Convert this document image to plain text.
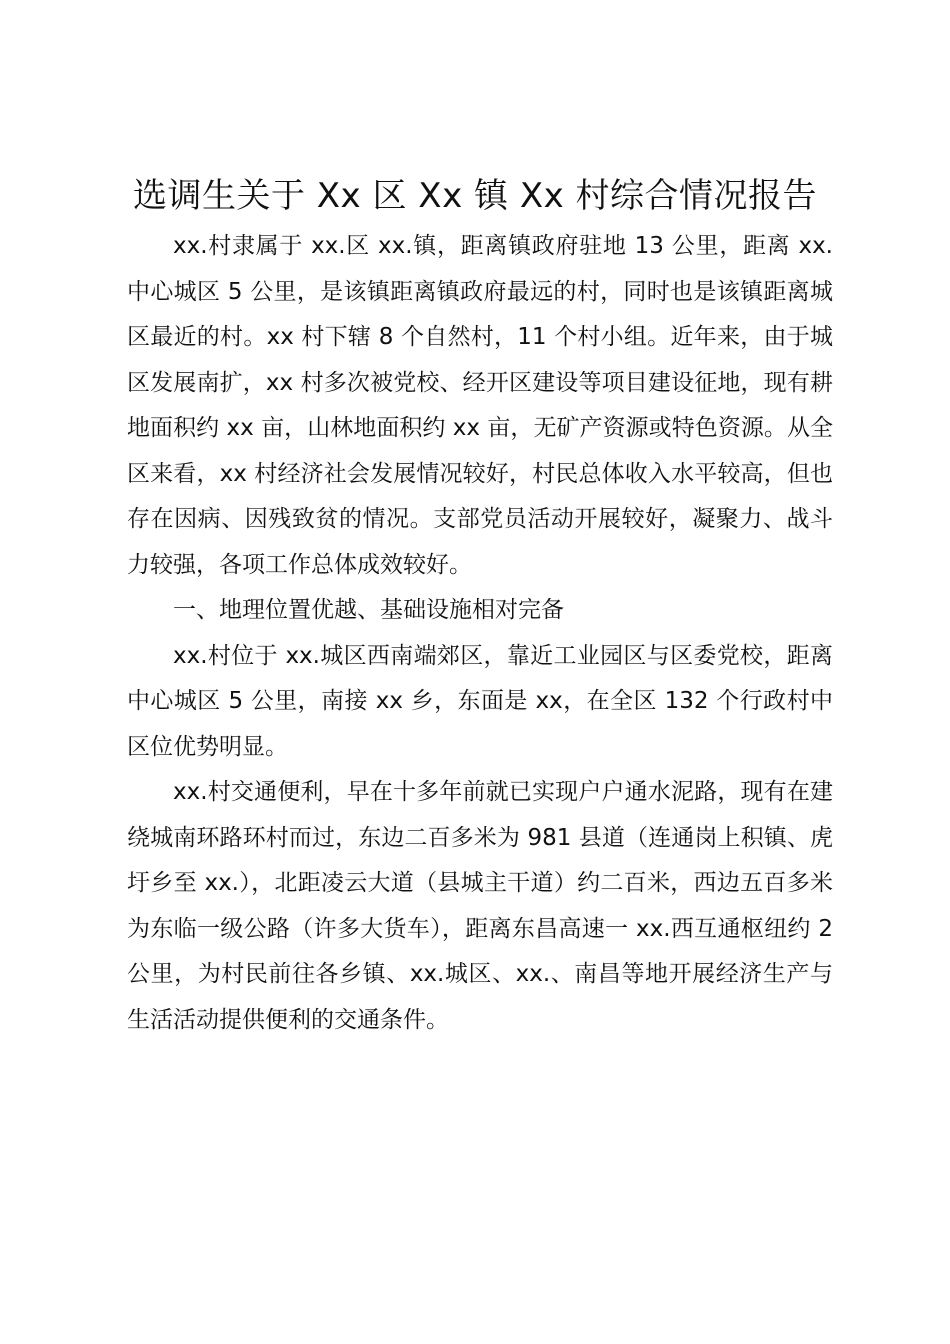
选调生关于 Xx 区 Xx 镇 Xx 村综合情况报告

xx.村隶属于 xx.区 xx.镇，距离镇政府驻地 13 公里，距离 xx.中心城区 5 公里，是该镇距离镇政府最远的村，同时也是该镇距离城区最近的村。xx 村下辖 8 个自然村，11 个村小组。近年来，由于城区发展南扩，xx 村多次被党校、经开区建设等项目建设征地，现有耕地面积约 xx 亩，山林地面积约 xx 亩，无矿产资源或特色资源。从全区来看，xx 村经济社会发展情况较好，村民总体收入水平较高，但也存在因病、因残致贫的情况。支部党员活动开展较好，凝聚力、战斗力较强，各项工作总体成效较好。

一、地理位置优越、基础设施相对完备

xx.村位于 xx.城区西南端郊区，靠近工业园区与区委党校，距离中心城区 5 公里，南接 xx 乡，东面是 xx，在全区 132 个行政村中区位优势明显。

xx.村交通便利，早在十多年前就已实现户户通水泥路，现有在建绕城南环路环村而过，东边二百多米为 981 县道（连通岗上积镇、虎圩乡至 xx.），北距凌云大道（县城主干道）约二百米，西边五百多米为东临一级公路（许多大货车），距离东昌高速一 xx.西互通枢纽约 2 公里，为村民前往各乡镇、xx.城区、xx.、南昌等地开展经济生产与生活活动提供便利的交通条件。
